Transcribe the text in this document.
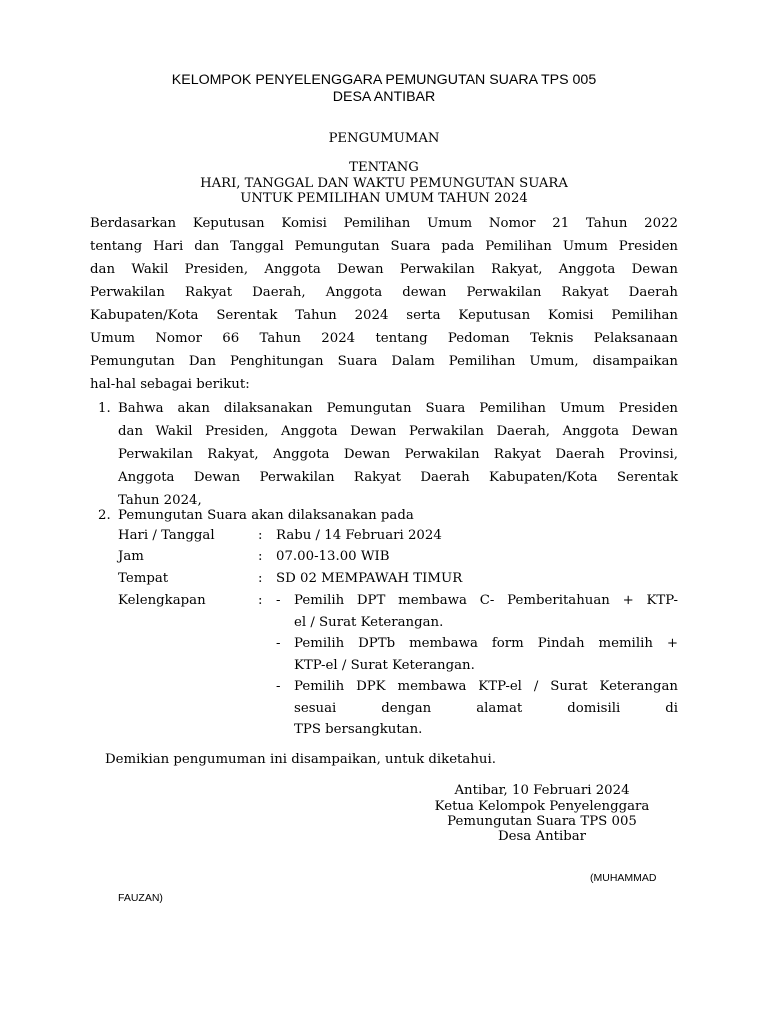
KELOMPOK PENYELENGGARA PEMUNGUTAN SUARA TPS 005
DESA ANTIBAR
PENGUMUMAN
TENTANG
HARI, TANGGAL DAN WAKTU PEMUNGUTAN SUARA
UNTUK PEMILIHAN UMUM TAHUN 2024
Berdasarkan Keputusan Komisi Pemilihan Umum Nomor 21 Tahun 2022
tentang Hari dan Tanggal Pemungutan Suara pada Pemilihan Umum Presiden
dan Wakil Presiden, Anggota Dewan Perwakilan Rakyat, Anggota Dewan
Perwakilan Rakyat Daerah, Anggota dewan Perwakilan Rakyat Daerah
Kabupaten/Kota Serentak Tahun 2024 serta Keputusan Komisi Pemilihan
Umum Nomor 66 Tahun 2024 tentang Pedoman Teknis Pelaksanaan
Pemungutan Dan Penghitungan Suara Dalam Pemilihan Umum, disampaikan
hal-hal sebagai berikut:
1. Bahwa akan dilaksanakan Pemungutan Suara Pemilihan Umum Presiden
dan Wakil Presiden, Anggota Dewan Perwakilan Daerah, Anggota Dewan
Perwakilan Rakyat, Anggota Dewan Perwakilan Rakyat Daerah Provinsi,
Anggota Dewan Perwakilan Rakyat Daerah Kabupaten/Kota Serentak
Tahun 2024,
2. Pemungutan Suara akan dilaksanakan pada
Hari / Tanggal	: Rabu / 14 Februari 2024
Jam	: 07.00-13.00 WIB
Tempat	: SD 02 MEMPAWAH TIMUR
Kelengkapan	: - Pemilih DPT membawa C- Pemberitahuan + KTP-
el / Surat Keterangan.
- Pemilih DPTb membawa form Pindah memilih +
KTP-el / Surat Keterangan.
- Pemilih DPK membawa KTP-el / Surat Keterangan
sesuai dengan alamat domisili di
TPS bersangkutan.
Demikian pengumuman ini disampaikan, untuk diketahui.
Antibar, 10 Februari 2024
Ketua Kelompok Penyelenggara
Pemungutan Suara TPS 005
Desa Antibar
(MUHAMMAD
FAUZAN)
